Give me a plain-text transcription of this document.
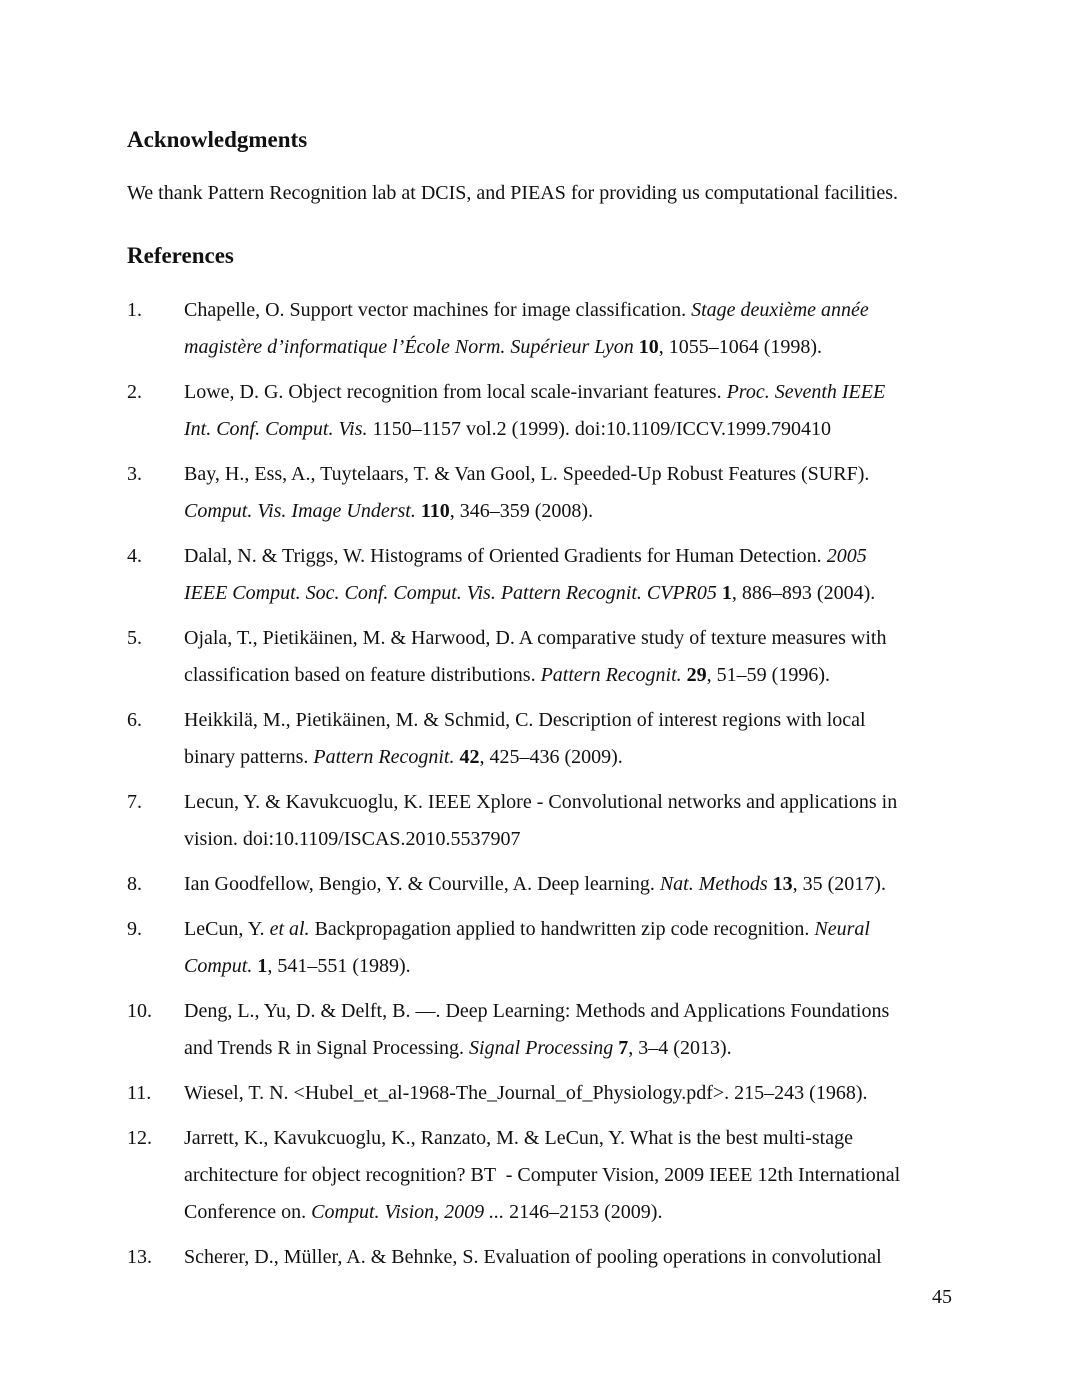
Acknowledgments

We thank Pattern Recognition lab at DCIS, and PIEAS for providing us computational facilities.

References
1.	Chapelle, O. Support vector machines for image classification. Stage deuxième année
magistère d’informatique l’École Norm. Supérieur Lyon 10, 1055–1064 (1998).
2.	Lowe, D. G. Object recognition from local scale-invariant features. Proc. Seventh IEEE
Int. Conf. Comput. Vis. 1150–1157 vol.2 (1999). doi:10.1109/ICCV.1999.790410
3.	Bay, H., Ess, A., Tuytelaars, T. & Van Gool, L. Speeded-Up Robust Features (SURF).
Comput. Vis. Image Underst. 110, 346–359 (2008).
4.	Dalal, N. & Triggs, W. Histograms of Oriented Gradients for Human Detection. 2005
IEEE Comput. Soc. Conf. Comput. Vis. Pattern Recognit. CVPR05 1, 886–893 (2004).
5.	Ojala, T., Pietikäinen, M. & Harwood, D. A comparative study of texture measures with
classification based on feature distributions. Pattern Recognit. 29, 51–59 (1996).
6.	Heikkilä, M., Pietikäinen, M. & Schmid, C. Description of interest regions with local
binary patterns. Pattern Recognit. 42, 425–436 (2009).
7.	Lecun, Y. & Kavukcuoglu, K. IEEE Xplore - Convolutional networks and applications in
vision. doi:10.1109/ISCAS.2010.5537907
8.	Ian Goodfellow, Bengio, Y. & Courville, A. Deep learning. Nat. Methods 13, 35 (2017).
9.	LeCun, Y. et al. Backpropagation applied to handwritten zip code recognition. Neural
Comput. 1, 541–551 (1989).
10.	Deng, L., Yu, D. & Delft, B. —. Deep Learning: Methods and Applications Foundations
and Trends R in Signal Processing. Signal Processing 7, 3–4 (2013).
11.	Wiesel, T. N. <Hubel_et_al-1968-The_Journal_of_Physiology.pdf>. 215–243 (1968).
12.	Jarrett, K., Kavukcuoglu, K., Ranzato, M. & LeCun, Y. What is the best multi-stage
architecture for object recognition? BT  - Computer Vision, 2009 IEEE 12th International
Conference on. Comput. Vision, 2009 ... 2146–2153 (2009).
13.	Scherer, D., Müller, A. & Behnke, S. Evaluation of pooling operations in convolutional
45
